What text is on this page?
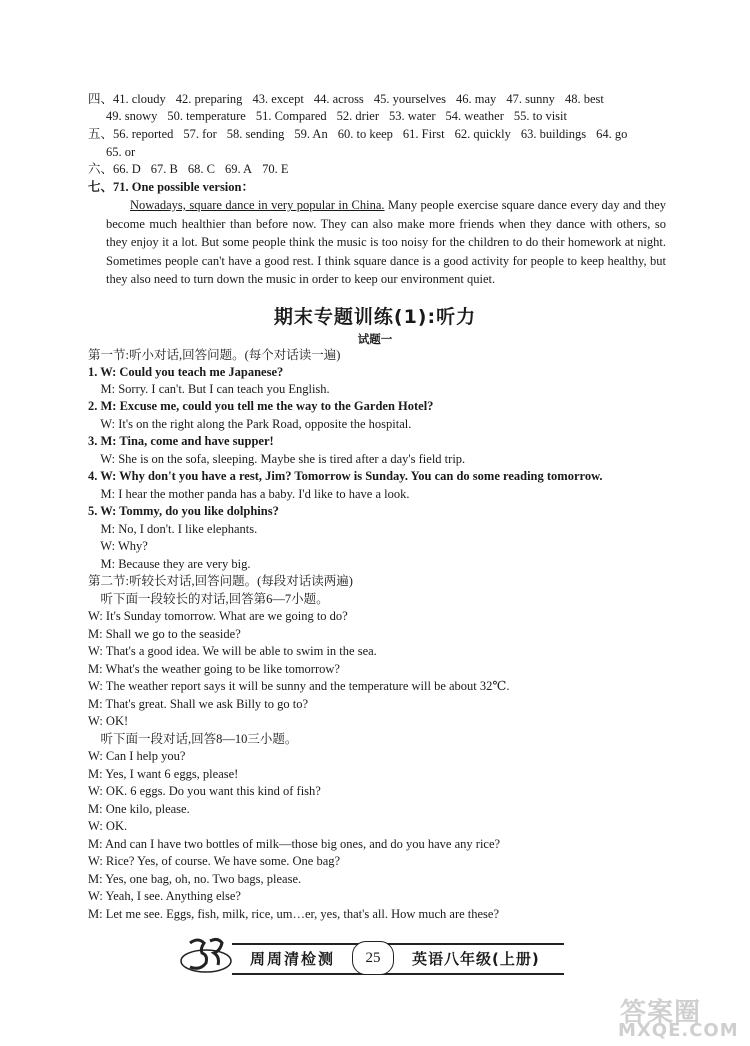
四、41. cloudy 42. preparing 43. except 44. across 45. yourselves 46. may 47. sunny 48. best
49. snowy 50. temperature 51. Compared 52. drier 53. water 54. weather 55. to visit
五、56. reported 57. for 58. sending 59. An 60. to keep 61. First 62. quickly 63. buildings 64. go
65. or
六、66. D 67. B 68. C 69. A 70. E
七、71. One possible version：
Nowadays, square dance in very popular in China. Many people exercise square dance every day and they become much healthier than before now. They can also make more friends when they dance with others, so they enjoy it a lot. But some people think the music is too noisy for the children to do their homework at night. Sometimes people can't have a good rest. I think square dance is a good activity for people to keep healthy, but they also need to turn down the music in order to keep our environment quiet.
期末专题训练(1):听力
试题一
第一节:听小对话,回答问题。(每个对话读一遍)
1. W: Could you teach me Japanese?
M: Sorry. I can't. But I can teach you English.
2. M: Excuse me, could you tell me the way to the Garden Hotel?
W: It's on the right along the Park Road, opposite the hospital.
3. M: Tina, come and have supper!
W: She is on the sofa, sleeping. Maybe she is tired after a day's field trip.
4. W: Why don't you have a rest, Jim? Tomorrow is Sunday. You can do some reading tomorrow.
M: I hear the mother panda has a baby. I'd like to have a look.
5. W: Tommy, do you like dolphins?
M: No, I don't. I like elephants.
W: Why?
M: Because they are very big.
第二节:听较长对话,回答问题。(每段对话读两遍)
听下面一段较长的对话,回答第6—7小题。
W: It's Sunday tomorrow. What are we going to do?
M: Shall we go to the seaside?
W: That's a good idea. We will be able to swim in the sea.
M: What's the weather going to be like tomorrow?
W: The weather report says it will be sunny and the temperature will be about 32℃.
M: That's great. Shall we ask Billy to go to?
W: OK!
听下面一段对话,回答8—10三小题。
W: Can I help you?
M: Yes, I want 6 eggs, please!
W: OK. 6 eggs. Do you want this kind of fish?
M: One kilo, please.
W: OK.
M: And can I have two bottles of milk—those big ones, and do you have any rice?
W: Rice? Yes, of course. We have some. One bag?
M: Yes, one bag, oh, no. Two bags, please.
W: Yeah, I see. Anything else?
M: Let me see. Eggs, fish, milk, rice, um…er, yes, that's all. How much are these?
周周清检测	25	英语八年级(上册)
答案圈
MXQE.COM
